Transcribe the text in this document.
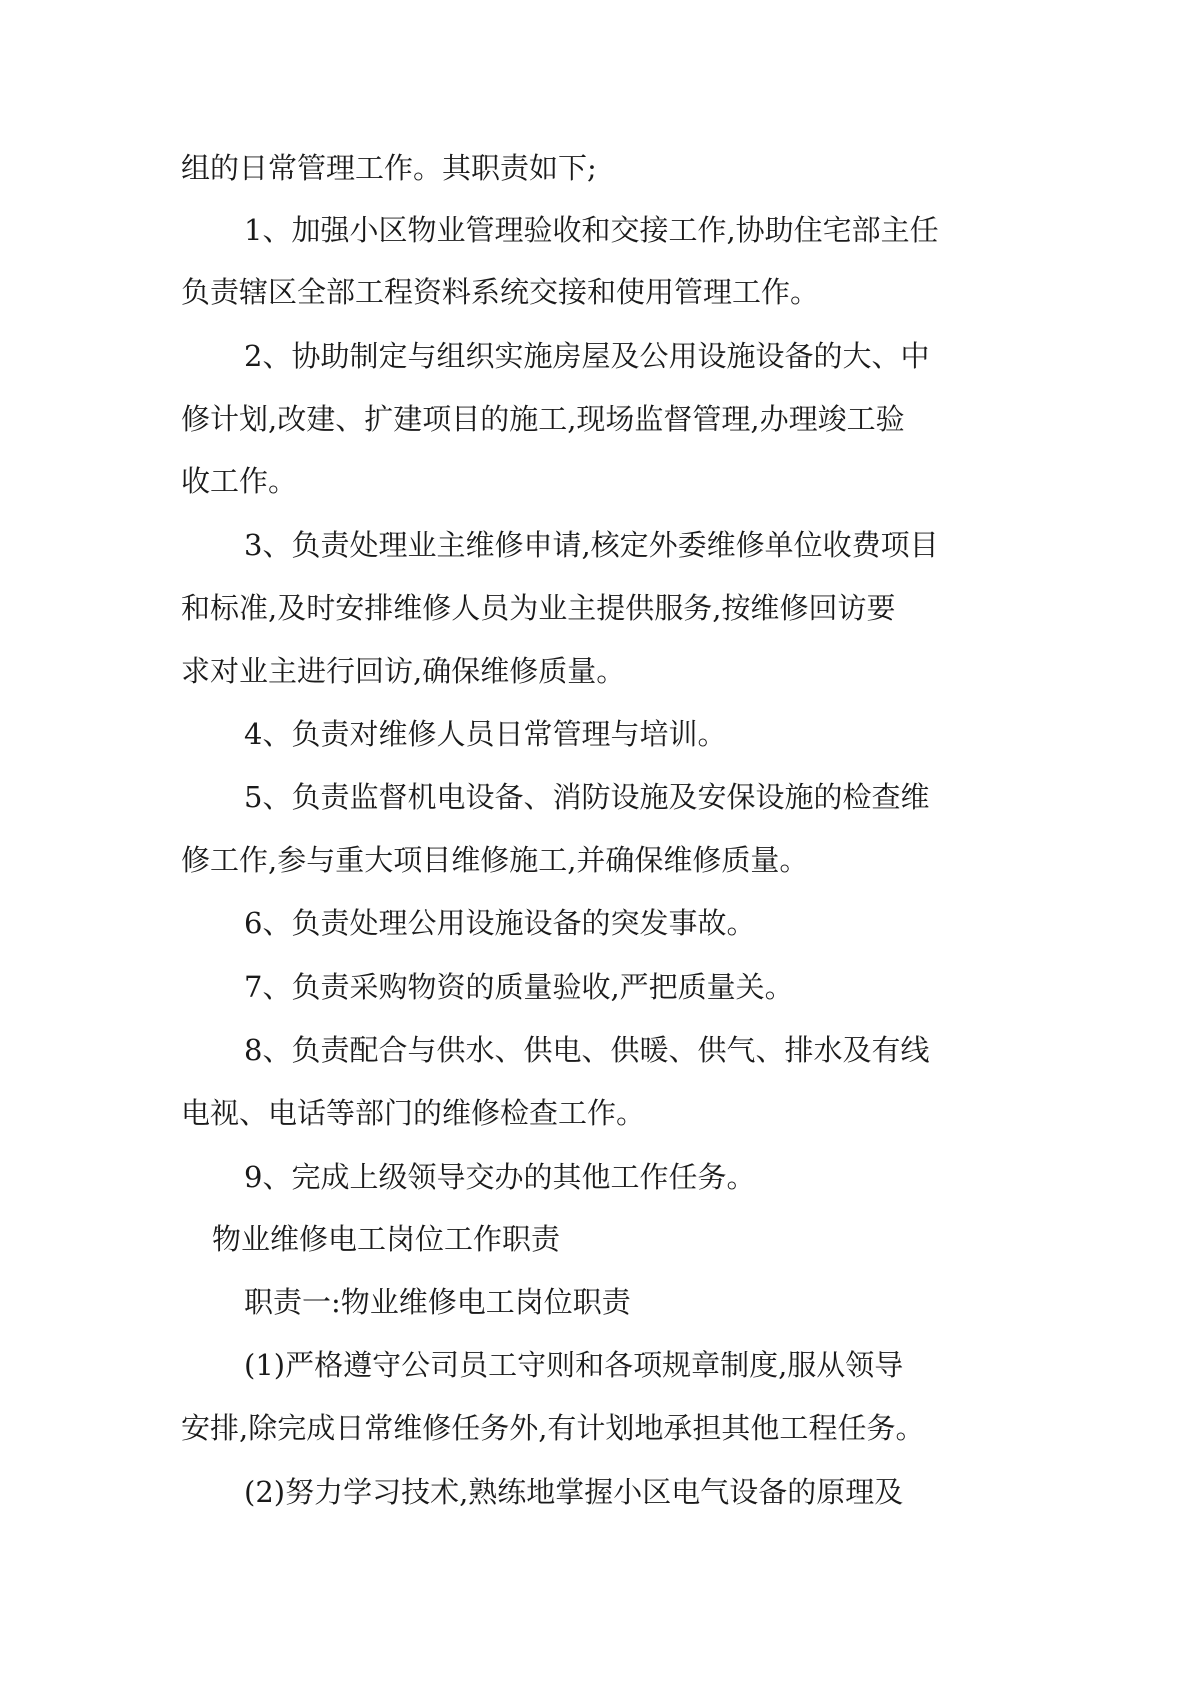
组的日常管理工作。其职责如下;
1、加强小区物业管理验收和交接工作,协助住宅部主任
负责辖区全部工程资料系统交接和使用管理工作。
2、协助制定与组织实施房屋及公用设施设备的大、中
修计划,改建、扩建项目的施工,现场监督管理,办理竣工验
收工作。
3、负责处理业主维修申请,核定外委维修单位收费项目
和标准,及时安排维修人员为业主提供服务,按维修回访要
求对业主进行回访,确保维修质量。
4、负责对维修人员日常管理与培训。
5、负责监督机电设备、消防设施及安保设施的检查维
修工作,参与重大项目维修施工,并确保维修质量。
6、负责处理公用设施设备的突发事故。
7、负责采购物资的质量验收,严把质量关。
8、负责配合与供水、供电、供暖、供气、排水及有线
电视、电话等部门的维修检查工作。
9、完成上级领导交办的其他工作任务。
物业维修电工岗位工作职责
职责一:物业维修电工岗位职责
(1)严格遵守公司员工守则和各项规章制度,服从领导
安排,除完成日常维修任务外,有计划地承担其他工程任务。
(2)努力学习技术,熟练地掌握小区电气设备的原理及
